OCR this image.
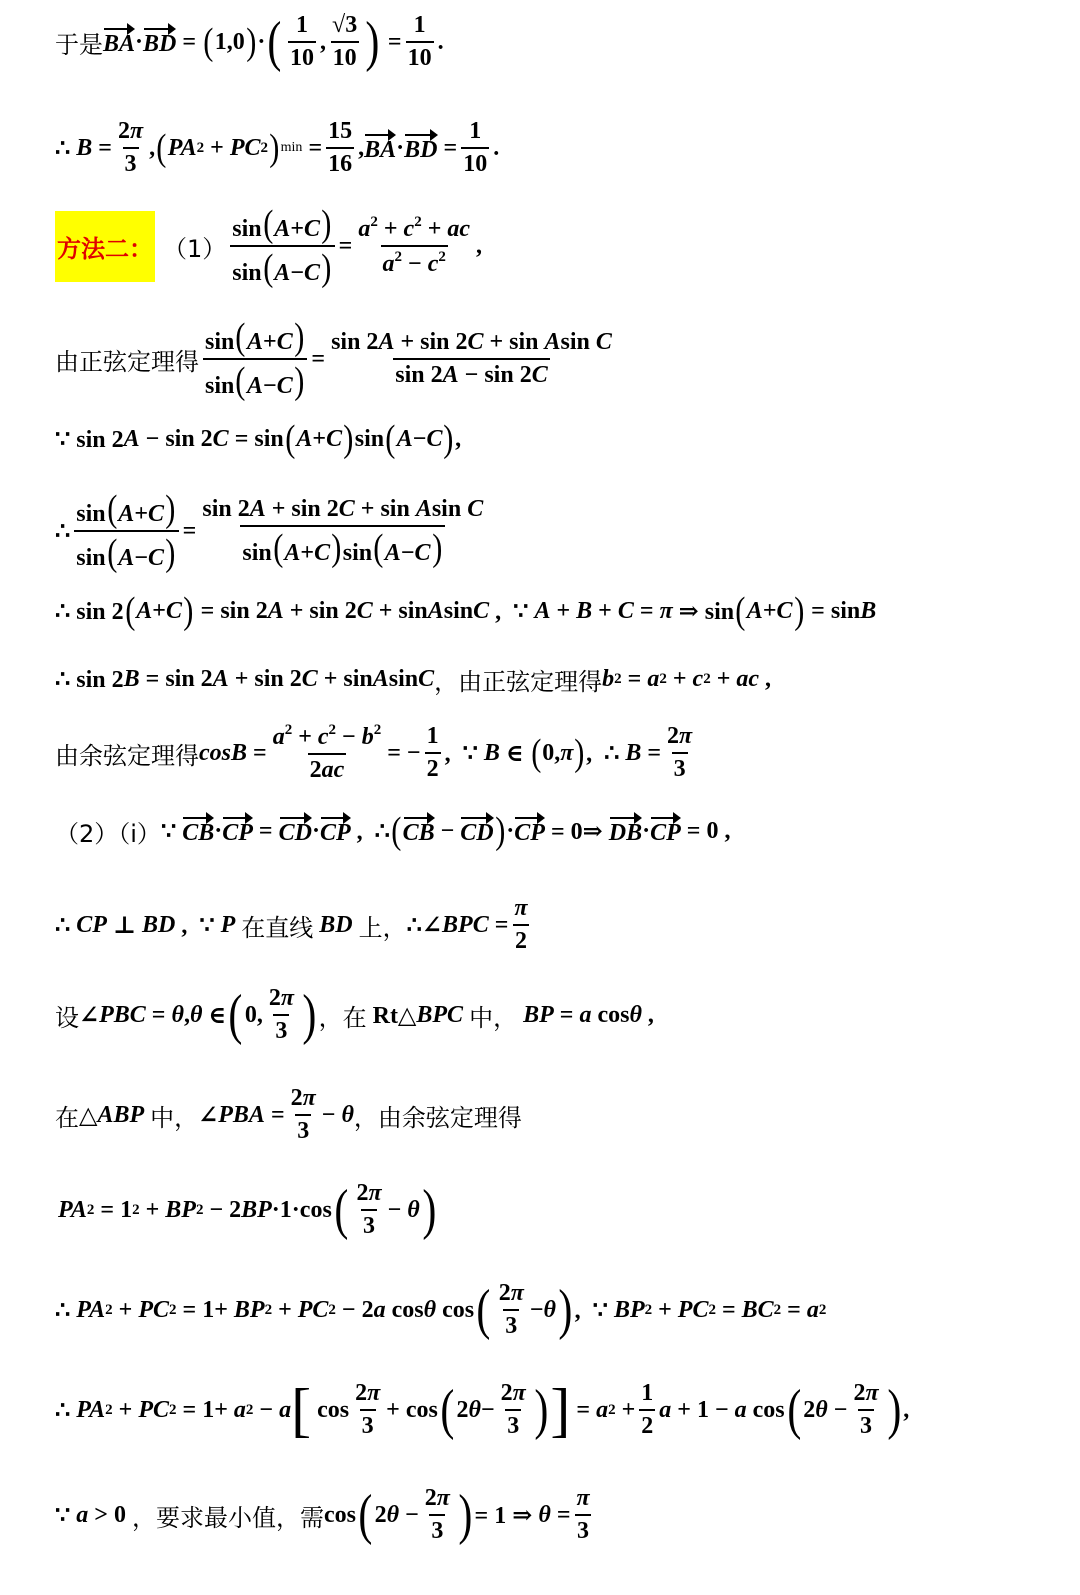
于是 BA · BD = ( 1,0 ) · ( $\frac{1}{10}$ , $\frac{√3}{10}$ ) = $\frac{1}{10}$ .
∴ $B = \frac{2\pi}{3}$ , ( PA 2 + PC 2 ) $\min = \frac{15}{16}$ , BA · BD = $\frac{1}{10}$ .
方法二： $(1) \frac{\sin(A+C)}{\sin(A-C)} = \frac{a^2 + c^2 + ac}{a^2 - c^2}$ ,
由正弦定理得 $\frac{\sin(A+C)}{\sin(A-C)} = \frac{\text{sin 2A + sin 2C + sin Asin C}}{\sin 2A - \sin 2C}$
∵ sin 2 A − sin 2 C = sin ( A + C ) sin ( A − C ) ,
∴ $\frac{\sin(A+C)}{\sin(A-C)} = \frac{\text{sin 2A + sin 2C + sin Asin C}}{\sin(A+C)\sin(A-C)}$
∴ sin 2 ( A + C ) = sin 2 A + sin 2 C + sin A sin C ,  ∵ A + B + C = π ⇒ sin ( A + C ) = sin B
∴ sin 2 B = sin 2 A + sin 2 C + sin A sin C ，由正弦定理得 b 2 = a 2 + c 2 + ac ,
由余弦定理得 $\cos B = \frac{a^2 + c^2 - b^2}{2ac}$ = − $\frac{1}{2}$ ,  ∵ B ∈ ( 0, π ) ,  ∴ $B = \frac{2\pi}{3}$
（2）（ⅰ） ∵ CB · CP = CD · CP ,  ∴ ( CB − CD ) · CP = 0⇒ DB · CP = 0 ,
∴ CP ⊥ BD ,  ∵ P
在直线
BD
上， ∴∠ BPC = $\frac{\pi}{2}$
设 ∠ PBC = θ , θ ∈ ( 0, $\frac{2\pi}{3}$ ) ，在 Rt△ BPC
中，
BP = a cos θ ,
在 △ ABP
中， ∠ PBA = $\frac{2\pi}{3} - \theta$ ，由余弦定理得
PA 2 = 1 2 + BP 2 − 2 BP ·1·cos ( $\frac{2\pi}{3} - \theta$ )
∴ PA 2 + PC 2 = 1+ BP 2 + PC 2 − 2 a cos θ cos ( $\frac{2\pi}{3} - \theta$ ) ,  ∵ BP 2 + PC 2 = BC 2 = a 2
∴ PA 2 + PC 2 = 1+ a 2 − a [ $\cos \frac{2\pi}{3} + \cos$ ( 2 $\theta - \frac{2\pi}{3}$ ) ] = a $2 + \frac{1}{2}$ a + 1 − a cos ( 2 $\theta - \frac{2\pi}{3}$ ) ,
∵ a > 0 ，要求最小值，需 cos ( 2 $\theta - \frac{2\pi}{3}$ ) = 1 ⇒ $\theta = \frac{\pi}{3}$
